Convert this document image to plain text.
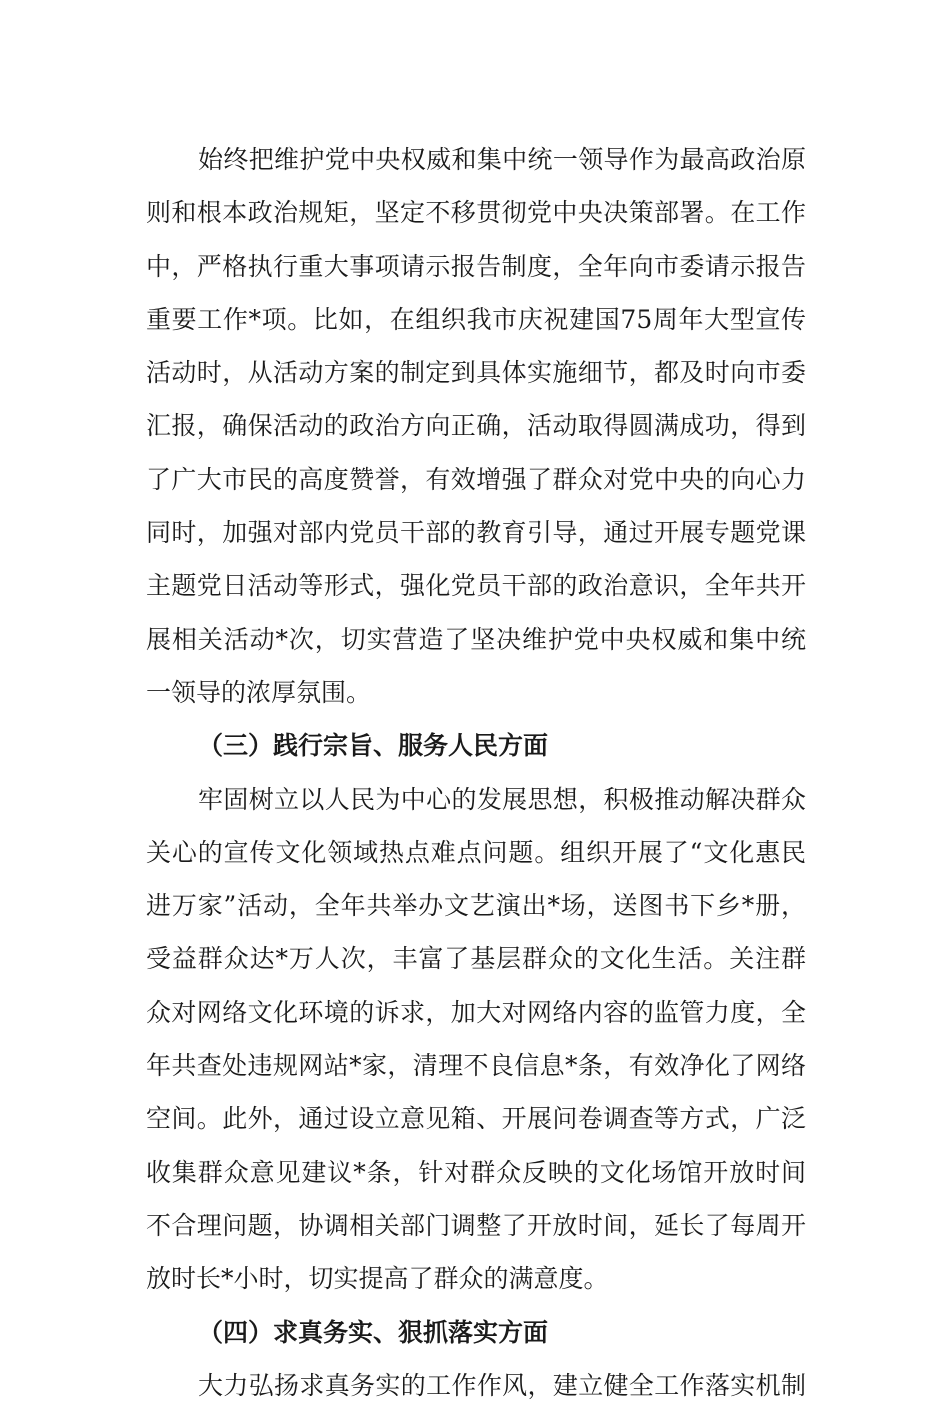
始终把维护党中央权威和集中统一领导作为最高政治原
则和根本政治规矩，坚定不移贯彻党中央决策部署。在工作
中，严格执行重大事项请示报告制度，全年向市委请示报告
重要工作*项。比如，在组织我市庆祝建国75周年大型宣传
活动时，从活动方案的制定到具体实施细节，都及时向市委
汇报，确保活动的政治方向正确，活动取得圆满成功，得到
了广大市民的高度赞誉，有效增强了群众对党中央的向心力
同时，加强对部内党员干部的教育引导，通过开展专题党课
主题党日活动等形式，强化党员干部的政治意识，全年共开
展相关活动*次，切实营造了坚决维护党中央权威和集中统
一领导的浓厚氛围。
（三）践行宗旨、服务人民方面
牢固树立以人民为中心的发展思想，积极推动解决群众
关心的宣传文化领域热点难点问题。组织开展了“文化惠民
进万家”活动，全年共举办文艺演出*场，送图书下乡*册，
受益群众达*万人次，丰富了基层群众的文化生活。关注群
众对网络文化环境的诉求，加大对网络内容的监管力度，全
年共查处违规网站*家，清理不良信息*条，有效净化了网络
空间。此外，通过设立意见箱、开展问卷调查等方式，广泛
收集群众意见建议*条，针对群众反映的文化场馆开放时间
不合理问题，协调相关部门调整了开放时间，延长了每周开
放时长*小时，切实提高了群众的满意度。
（四）求真务实、狠抓落实方面
大力弘扬求真务实的工作作风，建立健全工作落实机制
